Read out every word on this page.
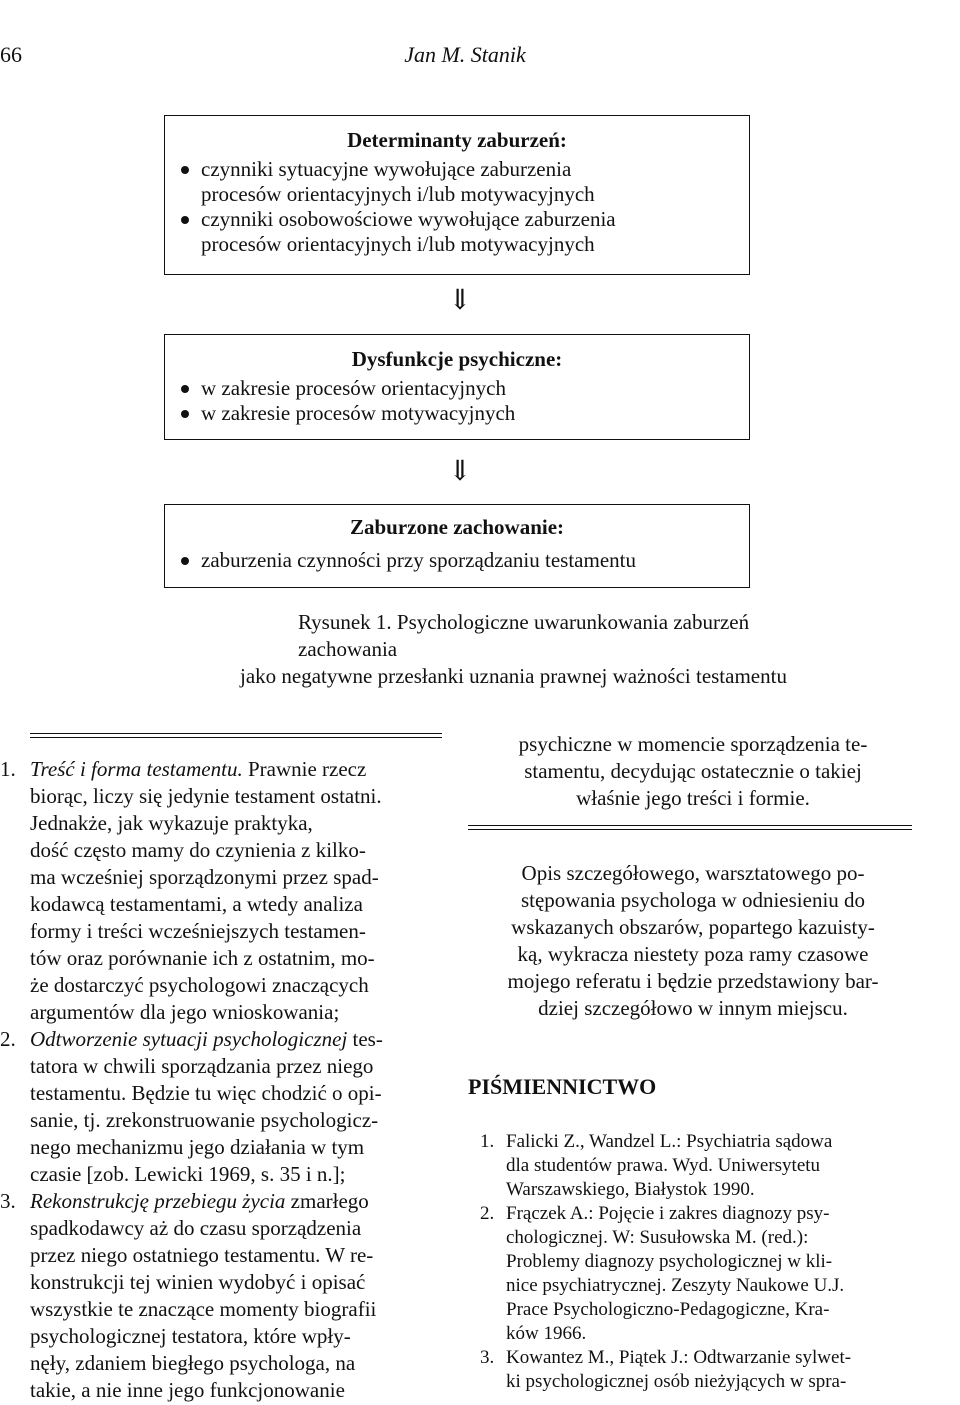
66	Jan M. Stanik
Determinanty zaburzeń:
czynniki sytuacyjne wywołujące zaburzenia
procesów orientacyjnych i/lub motywacyjnych
czynniki osobowościowe wywołujące zaburzenia
procesów orientacyjnych i/lub motywacyjnych
⇓
Dysfunkcje psychiczne:
w zakresie procesów orientacyjnych
w zakresie procesów motywacyjnych
⇓
Zaburzone zachowanie:
zaburzenia czynności przy sporządzaniu testamentu
Rysunek 1. Psychologiczne uwarunkowania zaburzeń zachowania
jako negatywne przesłanki uznania prawnej ważności testamentu
1. Treść i forma testamentu. Prawnie rzecz
biorąc, liczy się jedynie testament ostatni.
Jednakże, jak wykazuje praktyka,
dość często mamy do czynienia z kilko-
ma wcześniej sporządzonymi przez spad-
kodawcą testamentami, a wtedy analiza
formy i treści wcześniejszych testamen-
tów oraz porównanie ich z ostatnim, mo-
że dostarczyć psychologowi znaczących
argumentów dla jego wnioskowania;
2. Odtworzenie sytuacji psychologicznej tes-
tatora w chwili sporządzania przez niego
testamentu. Będzie tu więc chodzić o opi-
sanie, tj. zrekonstruowanie psychologicz-
nego mechanizmu jego działania w tym
czasie [zob. Lewicki 1969, s. 35 i n.];
3. Rekonstrukcję przebiegu życia zmarłego
spadkodawcy aż do czasu sporządzenia
przez niego ostatniego testamentu. W re-
konstrukcji tej winien wydobyć i opisać
wszystkie te znaczące momenty biografii
psychologicznej testatora, które wpły-
nęły, zdaniem biegłego psychologa, na
takie, a nie inne jego funkcjonowanie
psychiczne w momencie sporządzenia te-
stamentu, decydując ostatecznie o takiej
właśnie jego treści i formie.
Opis szczegółowego, warsztatowego po-
stępowania psychologa w odniesieniu do
wskazanych obszarów, popartego kazuisty-
ką, wykracza niestety poza ramy czasowe
mojego referatu i będzie przedstawiony bar-
dziej szczegółowo w innym miejscu.
PIŚMIENNICTWO
1. Falicki Z., Wandzel L.: Psychiatria sądowa
dla studentów prawa. Wyd. Uniwersytetu
Warszawskiego, Białystok 1990.
2. Frączek A.: Pojęcie i zakres diagnozy psy-
chologicznej. W: Susułowska M. (red.):
Problemy diagnozy psychologicznej w kli-
nice psychiatrycznej. Zeszyty Naukowe U.J.
Prace Psychologiczno-Pedagogiczne, Kra-
ków 1966.
3. Kowantez M., Piątek J.: Odtwarzanie sylwet-
ki psychologicznej osób nieżyjących w spra-
